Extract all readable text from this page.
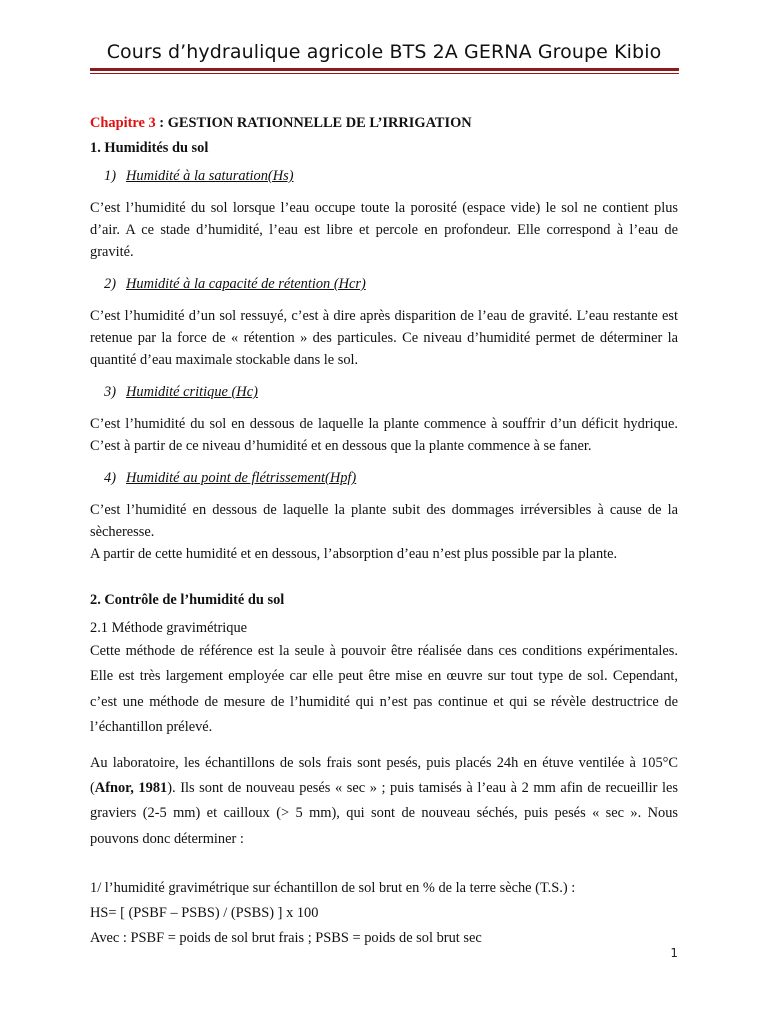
Cours d’hydraulique agricole BTS 2A GERNA Groupe Kibio

Chapitre 3 : GESTION RATIONNELLE DE L’IRRIGATION

1. Humidités du sol

1) Humidité à la saturation(Hs)

C’est l’humidité du sol lorsque l’eau occupe toute la porosité (espace vide) le sol ne contient plus d’air. A ce stade d’humidité, l’eau est libre et percole en profondeur. Elle correspond à l’eau de gravité.

2) Humidité à la capacité de rétention (Hcr)

C’est l’humidité d’un sol ressuyé, c’est à dire après disparition de l’eau de gravité. L’eau restante est retenue par la force de « rétention » des particules. Ce niveau d’humidité permet de déterminer la quantité d’eau maximale stockable dans le sol.

3) Humidité critique (Hc)

C’est l’humidité du sol en dessous de laquelle la plante commence à souffrir d’un déficit hydrique. C’est à partir de ce niveau d’humidité et en dessous que la plante commence à se faner.

4) Humidité au point de flétrissement(Hpf)

C’est l’humidité en dessous de laquelle la plante subit des dommages irréversibles à cause de la sècheresse.

A partir de cette humidité et en dessous, l’absorption d’eau n’est plus possible par la plante.

2. Contrôle de l’humidité du sol

2.1 Méthode gravimétrique

Cette méthode de référence est la seule à pouvoir être réalisée dans ces conditions expérimentales. Elle est très largement employée car elle peut être mise en œuvre sur tout type de sol. Cependant, c’est une méthode de mesure de l’humidité qui n’est pas continue et qui se révèle destructrice de l’échantillon prélevé.

Au laboratoire, les échantillons de sols frais sont pesés, puis placés 24h en étuve ventilée à 105°C (Afnor, 1981). Ils sont de nouveau pesés « sec » ; puis tamisés à l’eau à 2 mm afin de recueillir les graviers (2-5 mm) et cailloux (> 5 mm), qui sont de nouveau séchés, puis pesés « sec ». Nous pouvons donc déterminer :

1/ l’humidité gravimétrique sur échantillon de sol brut en % de la terre sèche (T.S.) :

HS= [ (PSBF – PSBS) / (PSBS) ] x 100

Avec : PSBF = poids de sol brut frais ; PSBS = poids de sol brut sec

1
